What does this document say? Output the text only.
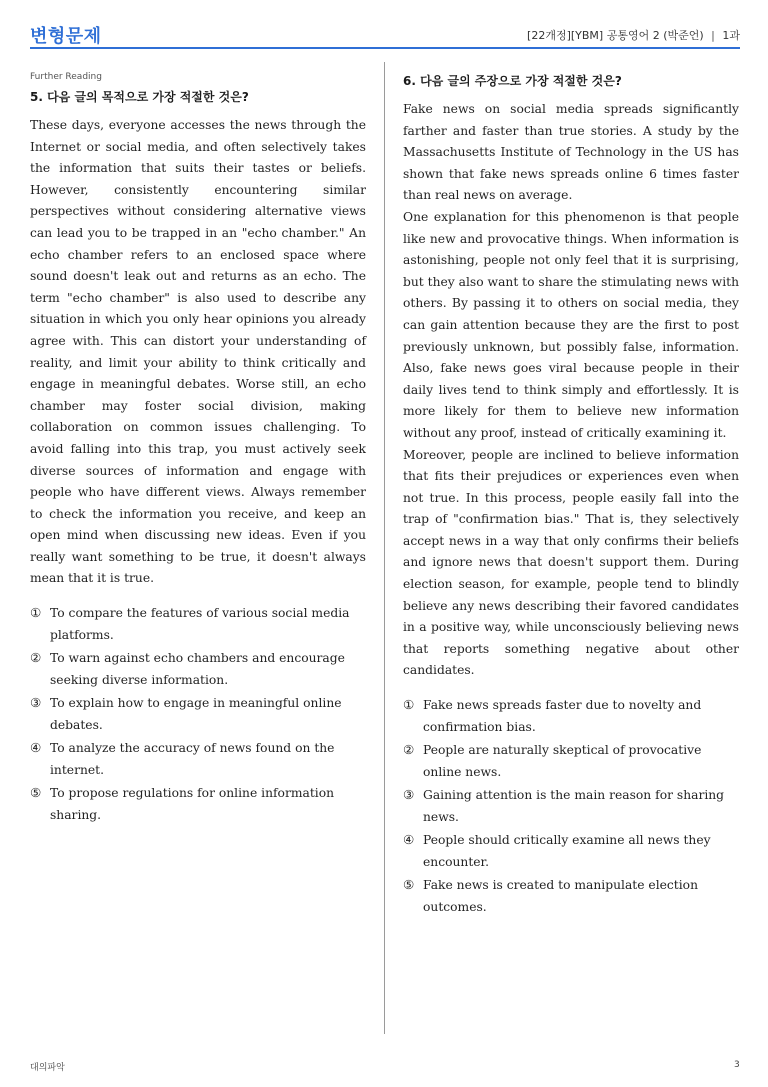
변형문제	[22개정][YBM] 공통영어 2 (박준언) | 1과
Further Reading
5. 다음 글의 목적으로 가장 적절한 것은?

These days, everyone accesses the news through the Internet or social media, and often selectively takes the information that suits their tastes or beliefs. However, consistently encountering similar perspectives without considering alternative views can lead you to be trapped in an "echo chamber." An echo chamber refers to an enclosed space where sound doesn't leak out and returns as an echo. The term "echo chamber" is also used to describe any situation in which you only hear opinions you already agree with. This can distort your understanding of reality, and limit your ability to think critically and engage in meaningful debates. Worse still, an echo chamber may foster social division, making collaboration on common issues challenging. To avoid falling into this trap, you must actively seek diverse sources of information and engage with people who have different views. Always remember to check the information you receive, and keep an open mind when discussing new ideas. Even if you really want something to be true, it doesn't always mean that it is true.

① To compare the features of various social media platforms.
② To warn against echo chambers and encourage seeking diverse information.
③ To explain how to engage in meaningful online debates.
④ To analyze the accuracy of news found on the internet.
⑤ To propose regulations for online information sharing.
6. 다음 글의 주장으로 가장 적절한 것은?

Fake news on social media spreads significantly farther and faster than true stories. A study by the Massachusetts Institute of Technology in the US has shown that fake news spreads online 6 times faster than real news on average.

One explanation for this phenomenon is that people like new and provocative things. When information is astonishing, people not only feel that it is surprising, but they also want to share the stimulating news with others. By passing it to others on social media, they can gain attention because they are the first to post previously unknown, but possibly false, information. Also, fake news goes viral because people in their daily lives tend to think simply and effortlessly. It is more likely for them to believe new information without any proof, instead of critically examining it.

Moreover, people are inclined to believe information that fits their prejudices or experiences even when not true. In this process, people easily fall into the trap of "confirmation bias." That is, they selectively accept news in a way that only confirms their beliefs and ignore news that doesn't support them. During election season, for example, people tend to blindly believe any news describing their favored candidates in a positive way, while unconsciously believing news that reports something negative about other candidates.

① Fake news spreads faster due to novelty and confirmation bias.
② People are naturally skeptical of provocative online news.
③ Gaining attention is the main reason for sharing news.
④ People should critically examine all news they encounter.
⑤ Fake news is created to manipulate election outcomes.
대의파악	3
